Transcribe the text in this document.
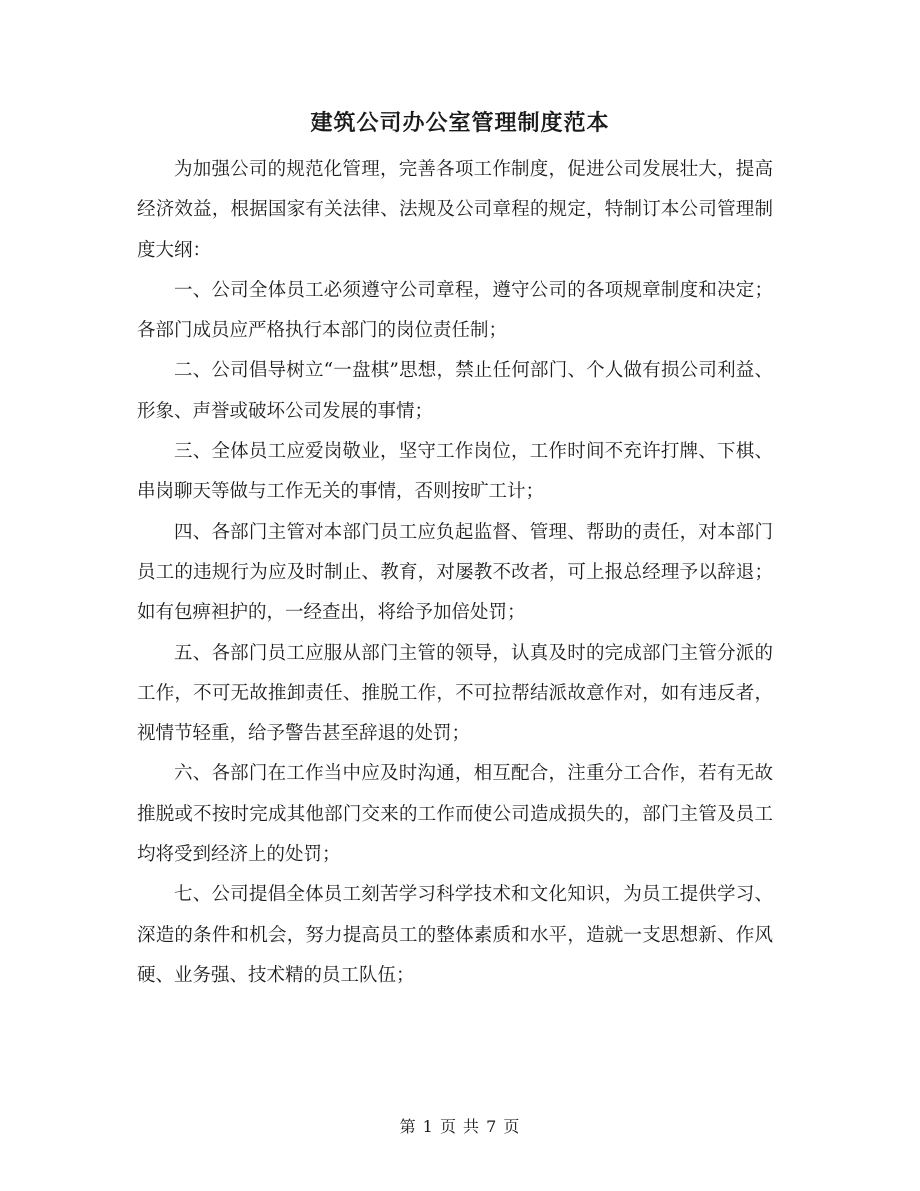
建筑公司办公室管理制度范本

为加强公司的规范化管理，完善各项工作制度，促进公司发展壮大，提高经济效益，根据国家有关法律、法规及公司章程的规定，特制订本公司管理制度大纲：

一、公司全体员工必须遵守公司章程，遵守公司的各项规章制度和决定；各部门成员应严格执行本部门的岗位责任制；

二、公司倡导树立“一盘棋”思想，禁止任何部门、个人做有损公司利益、形象、声誉或破坏公司发展的事情；

三、全体员工应爱岗敬业，坚守工作岗位，工作时间不充许打牌、下棋、串岗聊天等做与工作无关的事情，否则按旷工计；

四、各部门主管对本部门员工应负起监督、管理、帮助的责任，对本部门员工的违规行为应及时制止、教育，对屡教不改者，可上报总经理予以辞退；如有包痹袒护的，一经查出，将给予加倍处罚；

五、各部门员工应服从部门主管的领导，认真及时的完成部门主管分派的工作，不可无故推卸责任、推脱工作，不可拉帮结派故意作对，如有违反者，视情节轻重，给予警告甚至辞退的处罚；

六、各部门在工作当中应及时沟通，相互配合，注重分工合作，若有无故推脱或不按时完成其他部门交来的工作而使公司造成损失的，部门主管及员工均将受到经济上的处罚；

七、公司提倡全体员工刻苦学习科学技术和文化知识，为员工提供学习、深造的条件和机会，努力提高员工的整体素质和水平，造就一支思想新、作风硬、业务强、技术精的员工队伍；

第 1 页 共 7 页
